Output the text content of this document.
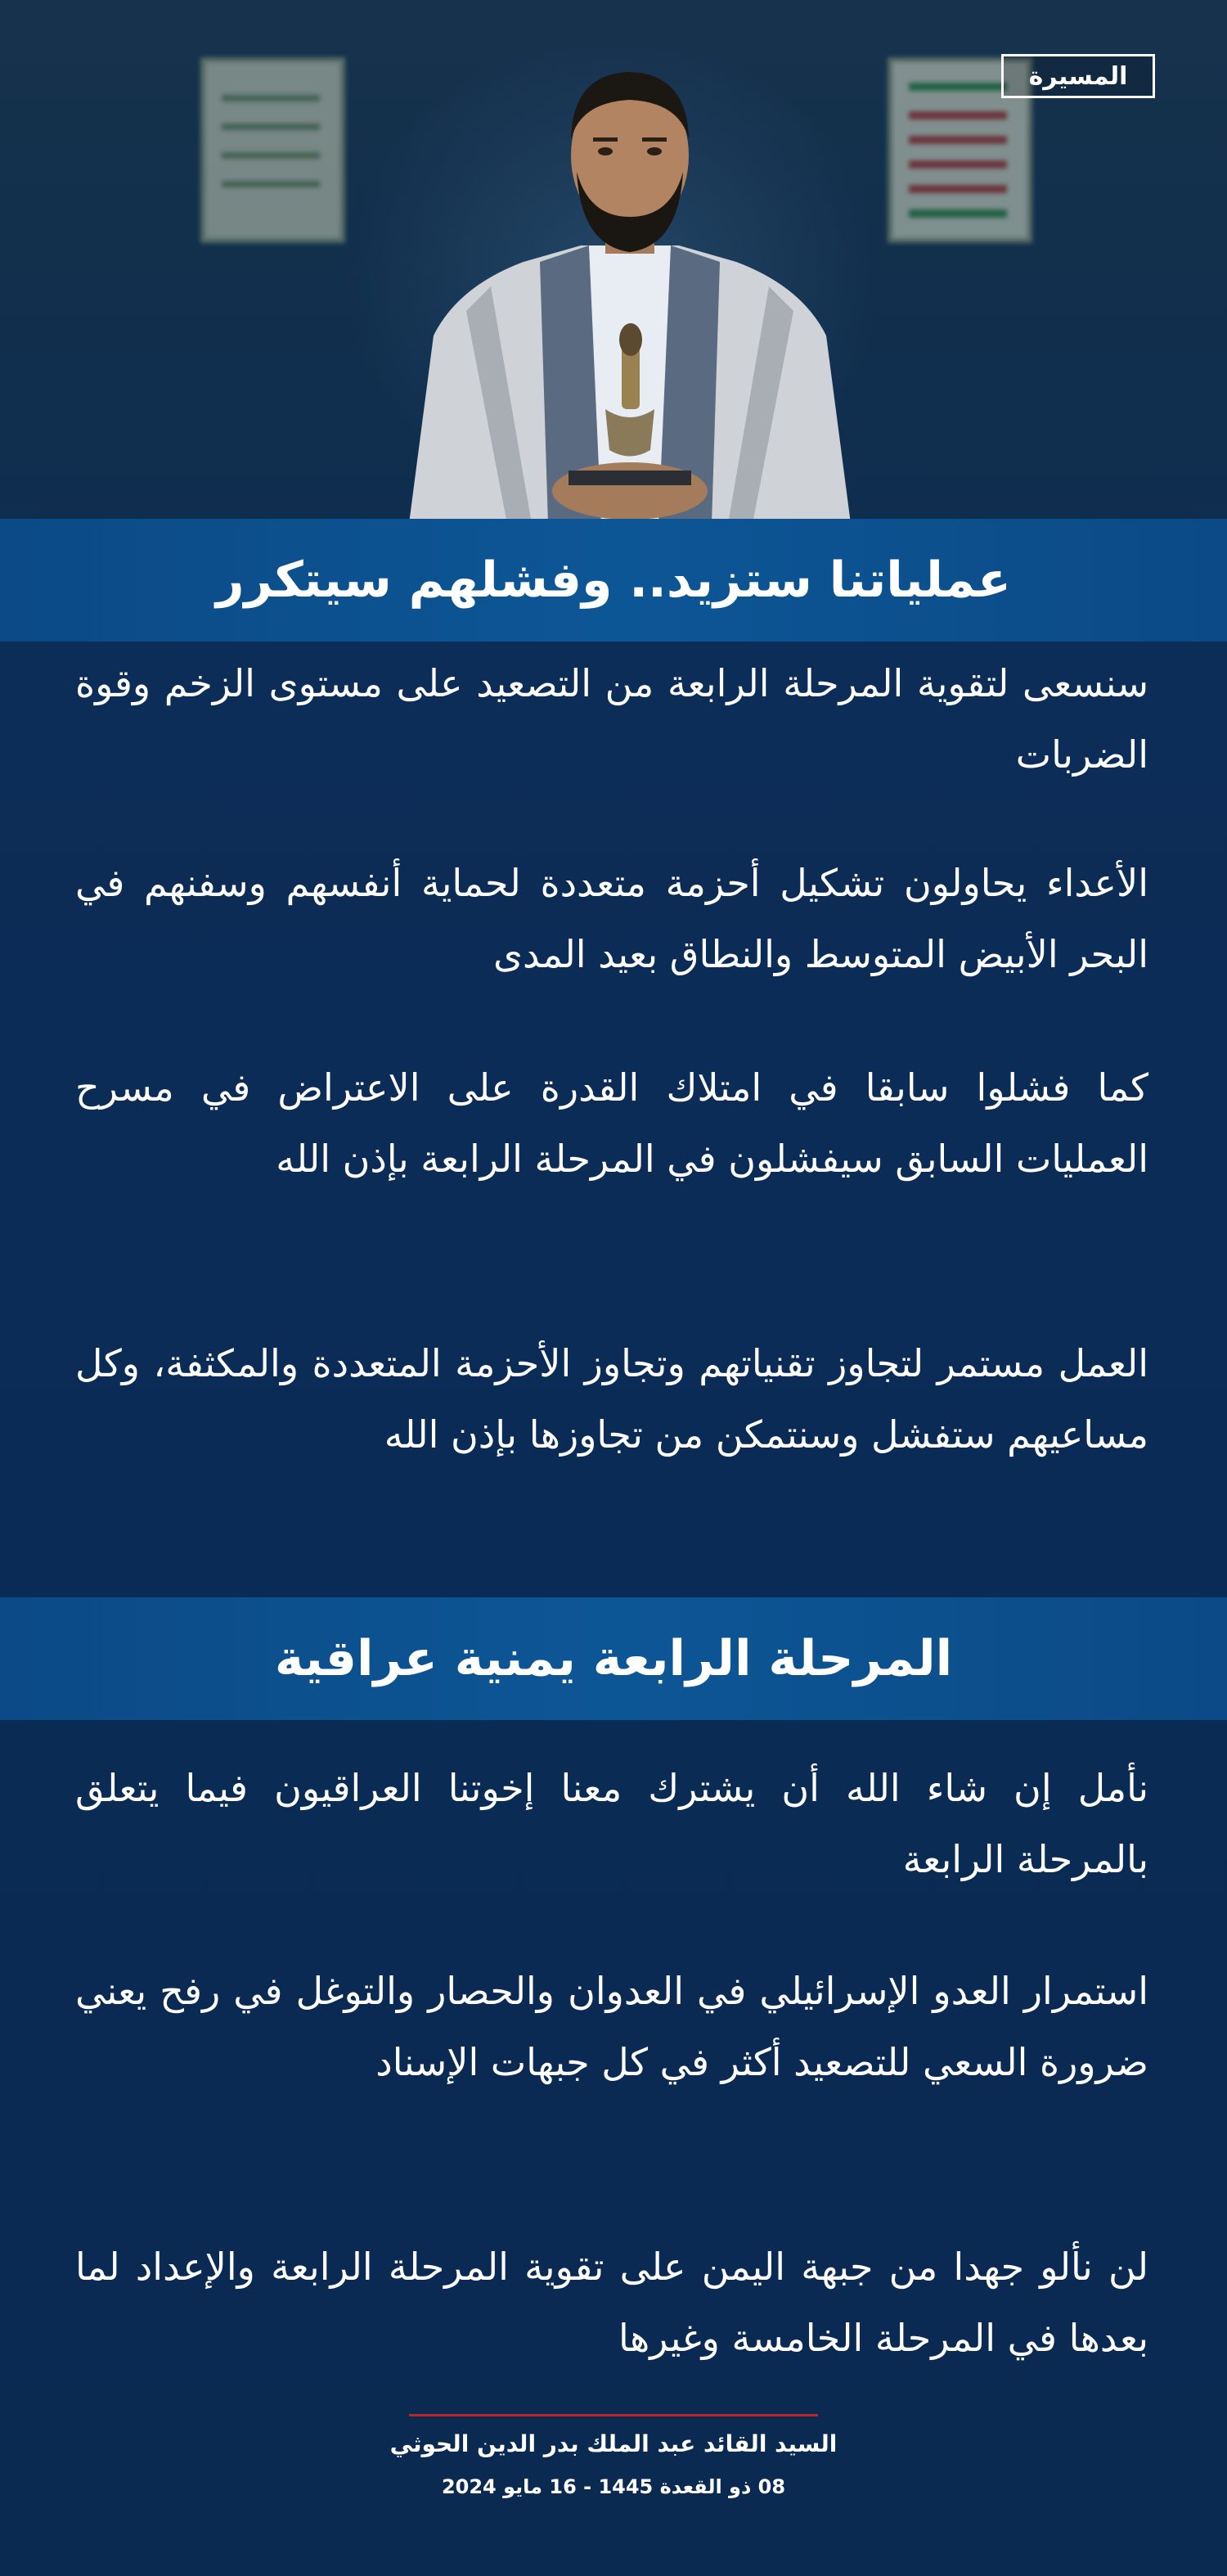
المسيرة
عملياتنا ستزيد.. وفشلهم سيتكرر

سنسعى لتقوية المرحلة الرابعة من التصعيد على مستوى الزخم وقوة الضربات

الأعداء يحاولون تشكيل أحزمة متعددة لحماية أنفسهم وسفنهم في البحر الأبيض المتوسط والنطاق بعيد المدى

كما فشلوا سابقا في امتلاك القدرة على الاعتراض في مسرح العمليات السابق سيفشلون في المرحلة الرابعة بإذن الله

العمل مستمر لتجاوز تقنياتهم وتجاوز الأحزمة المتعددة والمكثفة، وكل مساعيهم ستفشل وسنتمكن من تجاوزها بإذن الله

المرحلة الرابعة يمنية عراقية

نأمل إن شاء الله أن يشترك معنا إخوتنا العراقيون فيما يتعلق بالمرحلة الرابعة

استمرار العدو الإسرائيلي في العدوان والحصار والتوغل في رفح يعني ضرورة السعي للتصعيد أكثر في كل جبهات الإسناد

لن نألو جهدا من جبهة اليمن على تقوية المرحلة الرابعة والإعداد لما بعدها في المرحلة الخامسة وغيرها

السيد القائد عبد الملك بدر الدين الحوثي
08 ذو القعدة 1445 - 16 مايو 2024
